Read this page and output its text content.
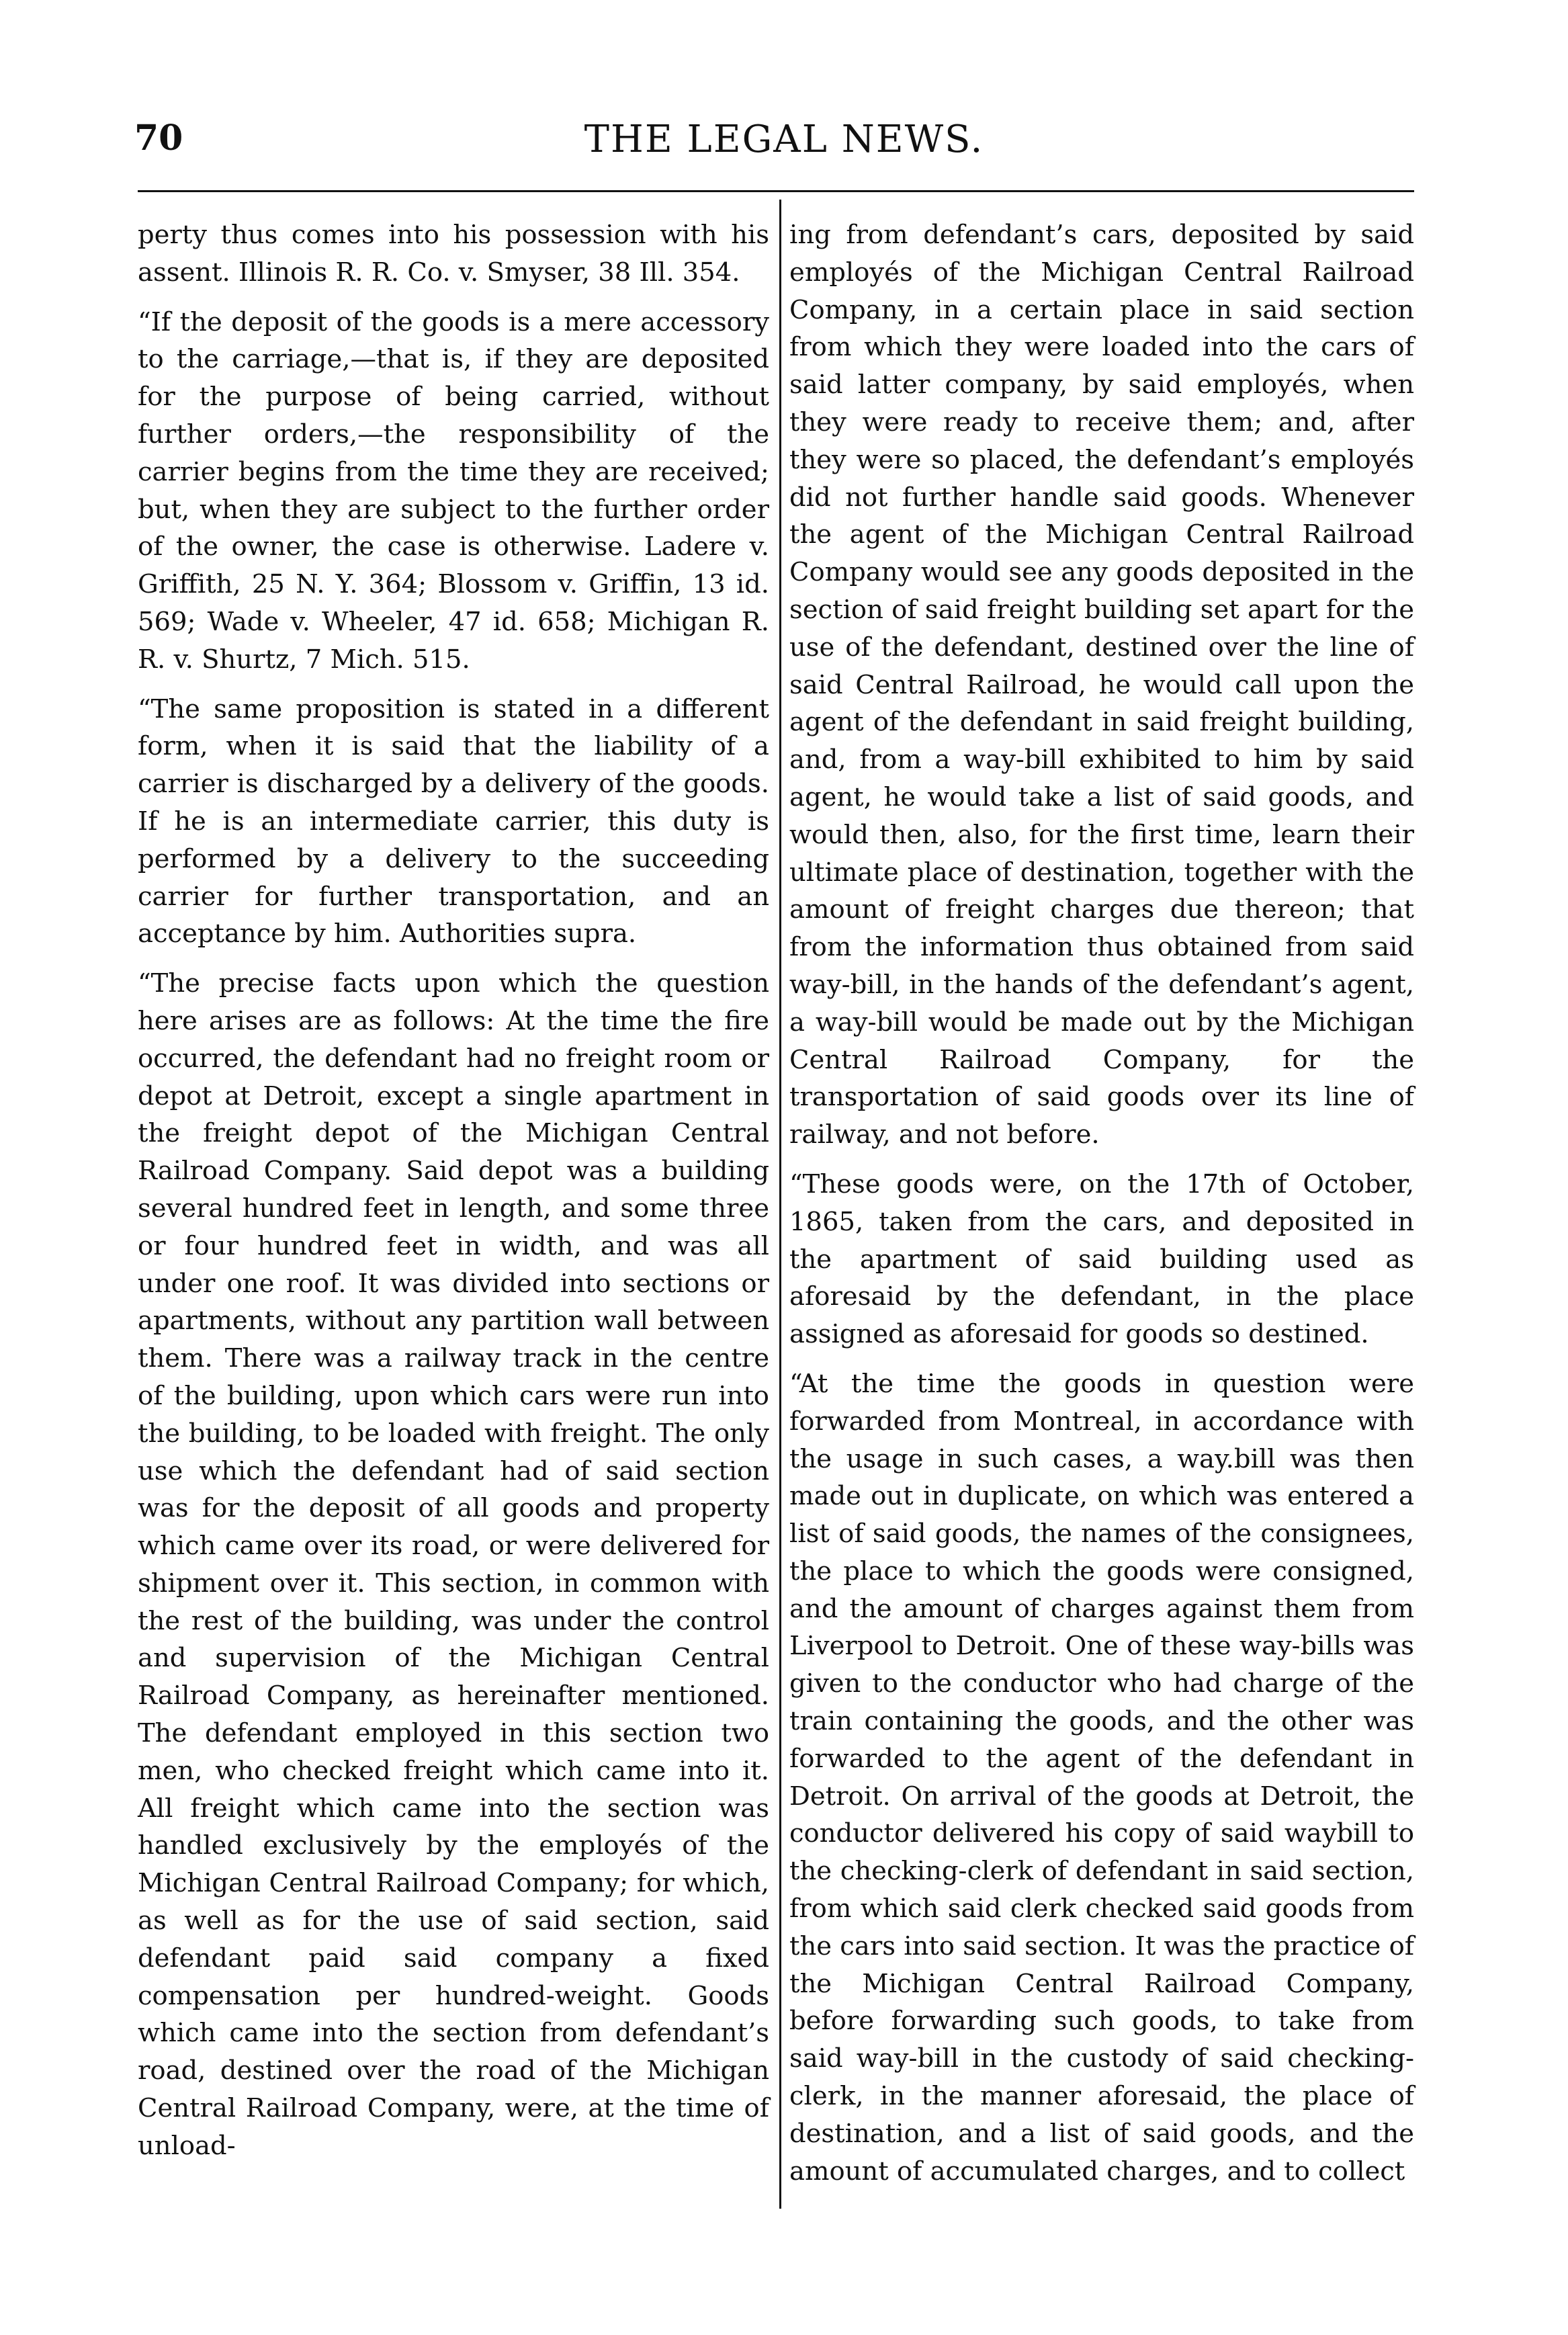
70	THE LEGAL NEWS.

perty thus comes into his possession with his assent. Illinois R. R. Co. v. Smyser, 38 Ill. 354.

“If the deposit of the goods is a mere accessory to the carriage,—that is, if they are deposited for the purpose of being carried, without further orders,—the responsibility of the carrier begins from the time they are received; but, when they are subject to the further order of the owner, the case is otherwise. Ladere v. Griffith, 25 N. Y. 364; Blossom v. Griffin, 13 id. 569; Wade v. Wheeler, 47 id. 658; Michigan R. R. v. Shurtz, 7 Mich. 515.

“The same proposition is stated in a different form, when it is said that the liability of a carrier is discharged by a delivery of the goods. If he is an intermediate carrier, this duty is performed by a delivery to the succeeding carrier for further transportation, and an acceptance by him. Authorities supra.

“The precise facts upon which the question here arises are as follows: At the time the fire occurred, the defendant had no freight room or depot at Detroit, except a single apartment in the freight depot of the Michigan Central Railroad Company. Said depot was a building several hundred feet in length, and some three or four hundred feet in width, and was all under one roof. It was divided into sections or apartments, without any partition wall between them. There was a railway track in the centre of the building, upon which cars were run into the building, to be loaded with freight. The only use which the defendant had of said section was for the deposit of all goods and property which came over its road, or were delivered for shipment over it. This section, in common with the rest of the building, was under the control and supervision of the Michigan Central Railroad Company, as hereinafter mentioned. The defendant employed in this section two men, who checked freight which came into it. All freight which came into the section was handled exclusively by the employés of the Michigan Central Railroad Company; for which, as well as for the use of said section, said defendant paid said company a fixed compensation per hundred-weight. Goods which came into the section from defendant’s road, destined over the road of the Michigan Central Railroad Company, were, at the time of unload-

ing from defendant’s cars, deposited by said employés of the Michigan Central Railroad Company, in a certain place in said section from which they were loaded into the cars of said latter company, by said employés, when they were ready to receive them; and, after they were so placed, the defendant’s employés did not further handle said goods. Whenever the agent of the Michigan Central Railroad Company would see any goods deposited in the section of said freight building set apart for the use of the defendant, destined over the line of said Central Railroad, he would call upon the agent of the defendant in said freight building, and, from a way-bill exhibited to him by said agent, he would take a list of said goods, and would then, also, for the first time, learn their ultimate place of destination, together with the amount of freight charges due thereon; that from the information thus obtained from said way-bill, in the hands of the defendant’s agent, a way-bill would be made out by the Michigan Central Railroad Company, for the transportation of said goods over its line of railway, and not before.

“These goods were, on the 17th of October, 1865, taken from the cars, and deposited in the apartment of said building used as aforesaid by the defendant, in the place assigned as aforesaid for goods so destined.

“At the time the goods in question were forwarded from Montreal, in accordance with the usage in such cases, a way.bill was then made out in duplicate, on which was entered a list of said goods, the names of the consignees, the place to which the goods were consigned, and the amount of charges against them from Liverpool to Detroit. One of these way-bills was given to the conductor who had charge of the train containing the goods, and the other was forwarded to the agent of the defendant in Detroit. On arrival of the goods at Detroit, the conductor delivered his copy of said waybill to the checking-clerk of defendant in said section, from which said clerk checked said goods from the cars into said section. It was the practice of the Michigan Central Railroad Company, before forwarding such goods, to take from said way-bill in the custody of said checking-clerk, in the manner aforesaid, the place of destination, and a list of said goods, and the amount of accumulated charges, and to collect
